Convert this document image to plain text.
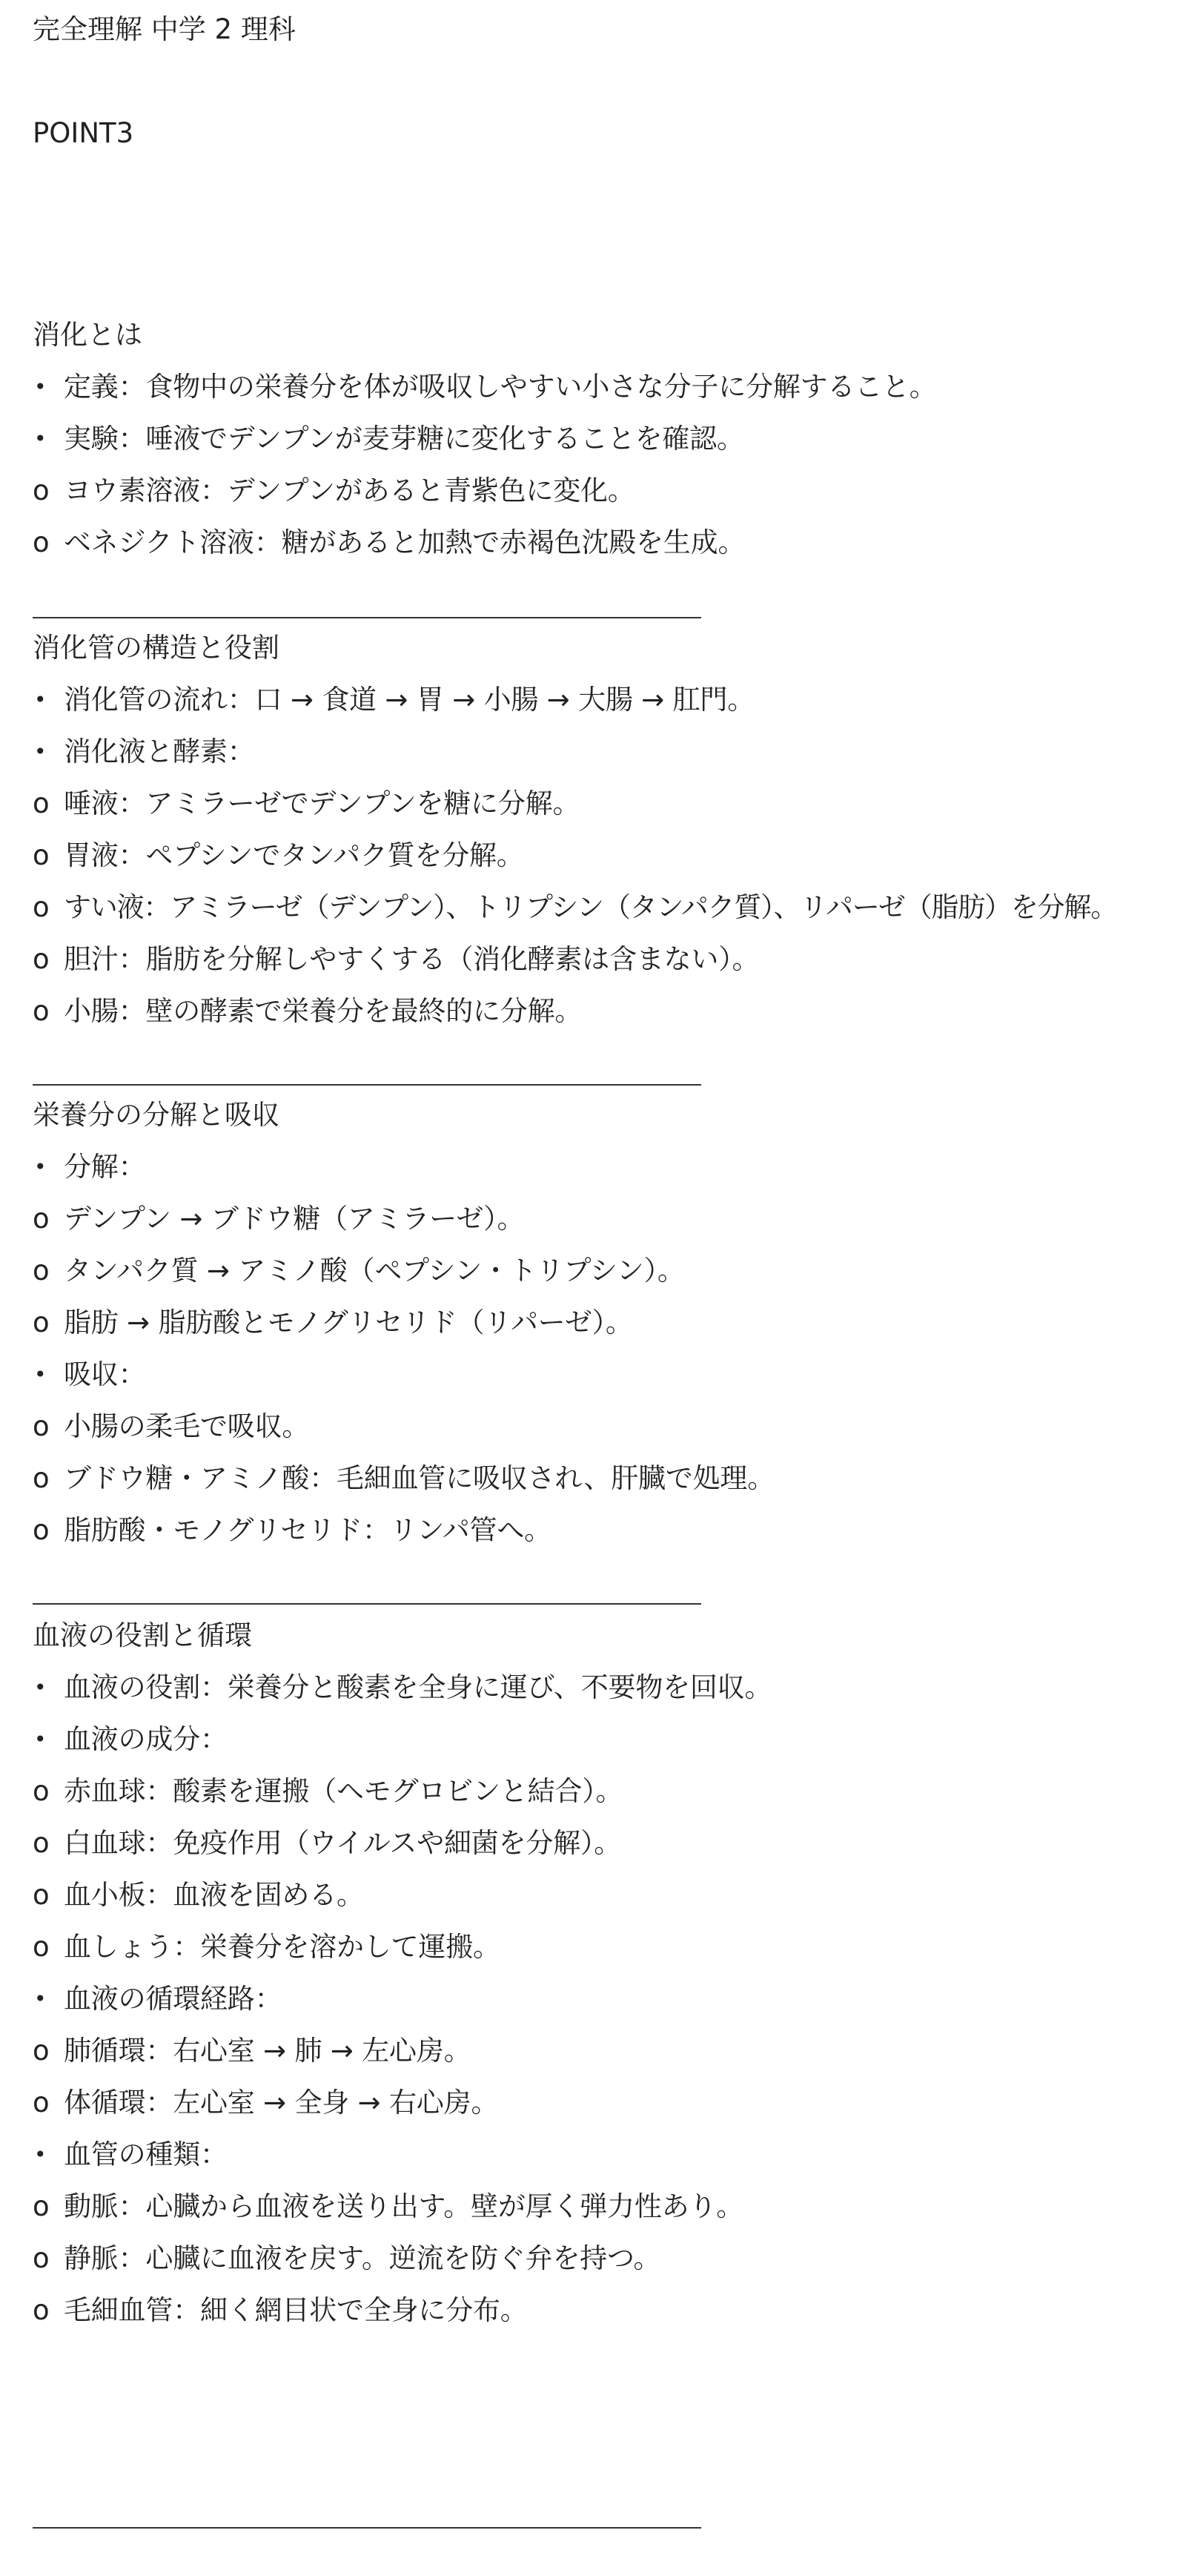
完全理解 中学 2 理科
POINT3
消化とは
• 定義：食物中の栄養分を体が吸収しやすい小さな分子に分解すること。
• 実験：唾液でデンプンが麦芽糖に変化することを確認。
o ヨウ素溶液：デンプンがあると青紫色に変化。
o ベネジクト溶液：糖があると加熱で赤褐色沈殿を生成。
消化管の構造と役割
• 消化管の流れ：口 → 食道 → 胃 → 小腸 → 大腸 → 肛門。
• 消化液と酵素：
o 唾液：アミラーゼでデンプンを糖に分解。
o 胃液：ペプシンでタンパク質を分解。
o すい液：アミラーゼ（デンプン）、トリプシン（タンパク質）、リパーゼ（脂肪）を分解。
o 胆汁：脂肪を分解しやすくする（消化酵素は含まない）。
o 小腸：壁の酵素で栄養分を最終的に分解。
栄養分の分解と吸収
• 分解：
o デンプン → ブドウ糖（アミラーゼ）。
o タンパク質 → アミノ酸（ペプシン・トリプシン）。
o 脂肪 → 脂肪酸とモノグリセリド（リパーゼ）。
• 吸収：
o 小腸の柔毛で吸収。
o ブドウ糖・アミノ酸：毛細血管に吸収され、肝臓で処理。
o 脂肪酸・モノグリセリド：リンパ管へ。
血液の役割と循環
• 血液の役割：栄養分と酸素を全身に運び、不要物を回収。
• 血液の成分：
o 赤血球：酸素を運搬（ヘモグロビンと結合）。
o 白血球：免疫作用（ウイルスや細菌を分解）。
o 血小板：血液を固める。
o 血しょう：栄養分を溶かして運搬。
• 血液の循環経路：
o 肺循環：右心室 → 肺 → 左心房。
o 体循環：左心室 → 全身 → 右心房。
• 血管の種類：
o 動脈：心臓から血液を送り出す。壁が厚く弾力性あり。
o 静脈：心臓に血液を戻す。逆流を防ぐ弁を持つ。
o 毛細血管：細く網目状で全身に分布。
